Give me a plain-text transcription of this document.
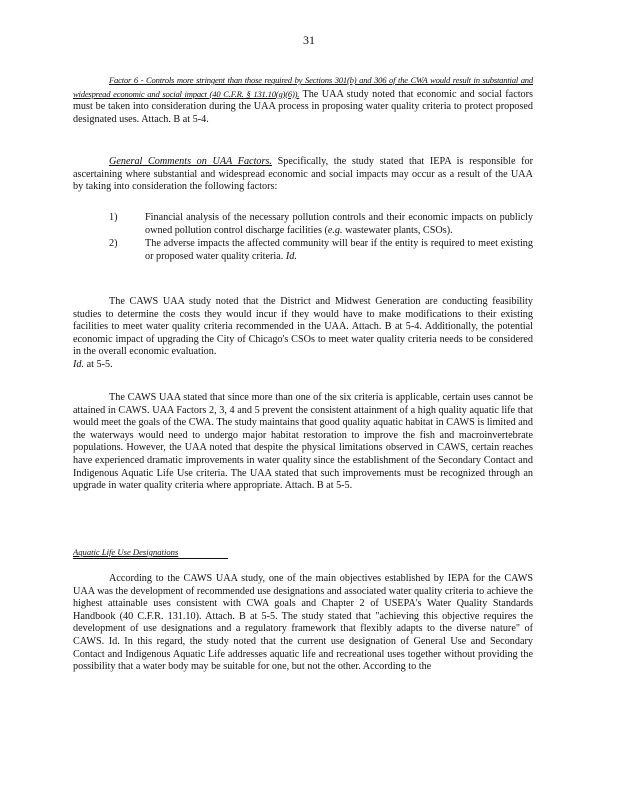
31

Factor 6 - Controls more stringent than those required by Sections 301(b) and 306 of the CWA would result in substantial and widespread economic and social impact (40 C.F.R. § 131.10(g)(6)). The UAA study noted that economic and social factors must be taken into consideration during the UAA process in proposing water quality criteria to protect proposed designated uses. Attach. B at 5-4.

General Comments on UAA Factors. Specifically, the study stated that IEPA is responsible for ascertaining where substantial and widespread economic and social impacts may occur as a result of the UAA by taking into consideration the following factors:

1)	Financial analysis of the necessary pollution controls and their economic impacts on publicly owned pollution control discharge facilities (e.g. wastewater plants, CSOs).
2)	The adverse impacts the affected community will bear if the entity is required to meet existing or proposed water quality criteria. Id.

The CAWS UAA study noted that the District and Midwest Generation are conducting feasibility studies to determine the costs they would incur if they would have to make modifications to their existing facilities to meet water quality criteria recommended in the UAA. Attach. B at 5-4. Additionally, the potential economic impact of upgrading the City of Chicago's CSOs to meet water quality criteria needs to be considered in the overall economic evaluation.
Id. at 5-5.

The CAWS UAA stated that since more than one of the six criteria is applicable, certain uses cannot be attained in CAWS. UAA Factors 2, 3, 4 and 5 prevent the consistent attainment of a high quality aquatic life that would meet the goals of the CWA. The study maintains that good quality aquatic habitat in CAWS is limited and the waterways would need to undergo major habitat restoration to improve the fish and macroinvertebrate populations. However, the UAA noted that despite the physical limitations observed in CAWS, certain reaches have experienced dramatic improvements in water quality since the establishment of the Secondary Contact and Indigenous Aquatic Life Use criteria. The UAA stated that such improvements must be recognized through an upgrade in water quality criteria where appropriate. Attach. B at 5-5.

Aquatic Life Use Designations

According to the CAWS UAA study, one of the main objectives established by IEPA for the CAWS UAA was the development of recommended use designations and associated water quality criteria to achieve the highest attainable uses consistent with CWA goals and Chapter 2 of USEPA's Water Quality Standards Handbook (40 C.F.R. 131.10). Attach. B at 5-5. The study stated that "achieving this objective requires the development of use designations and a regulatory framework that flexibly adapts to the diverse nature" of CAWS. Id. In this regard, the study noted that the current use designation of General Use and Secondary Contact and Indigenous Aquatic Life addresses aquatic life and recreational uses together without providing the possibility that a water body may be suitable for one, but not the other. According to the
